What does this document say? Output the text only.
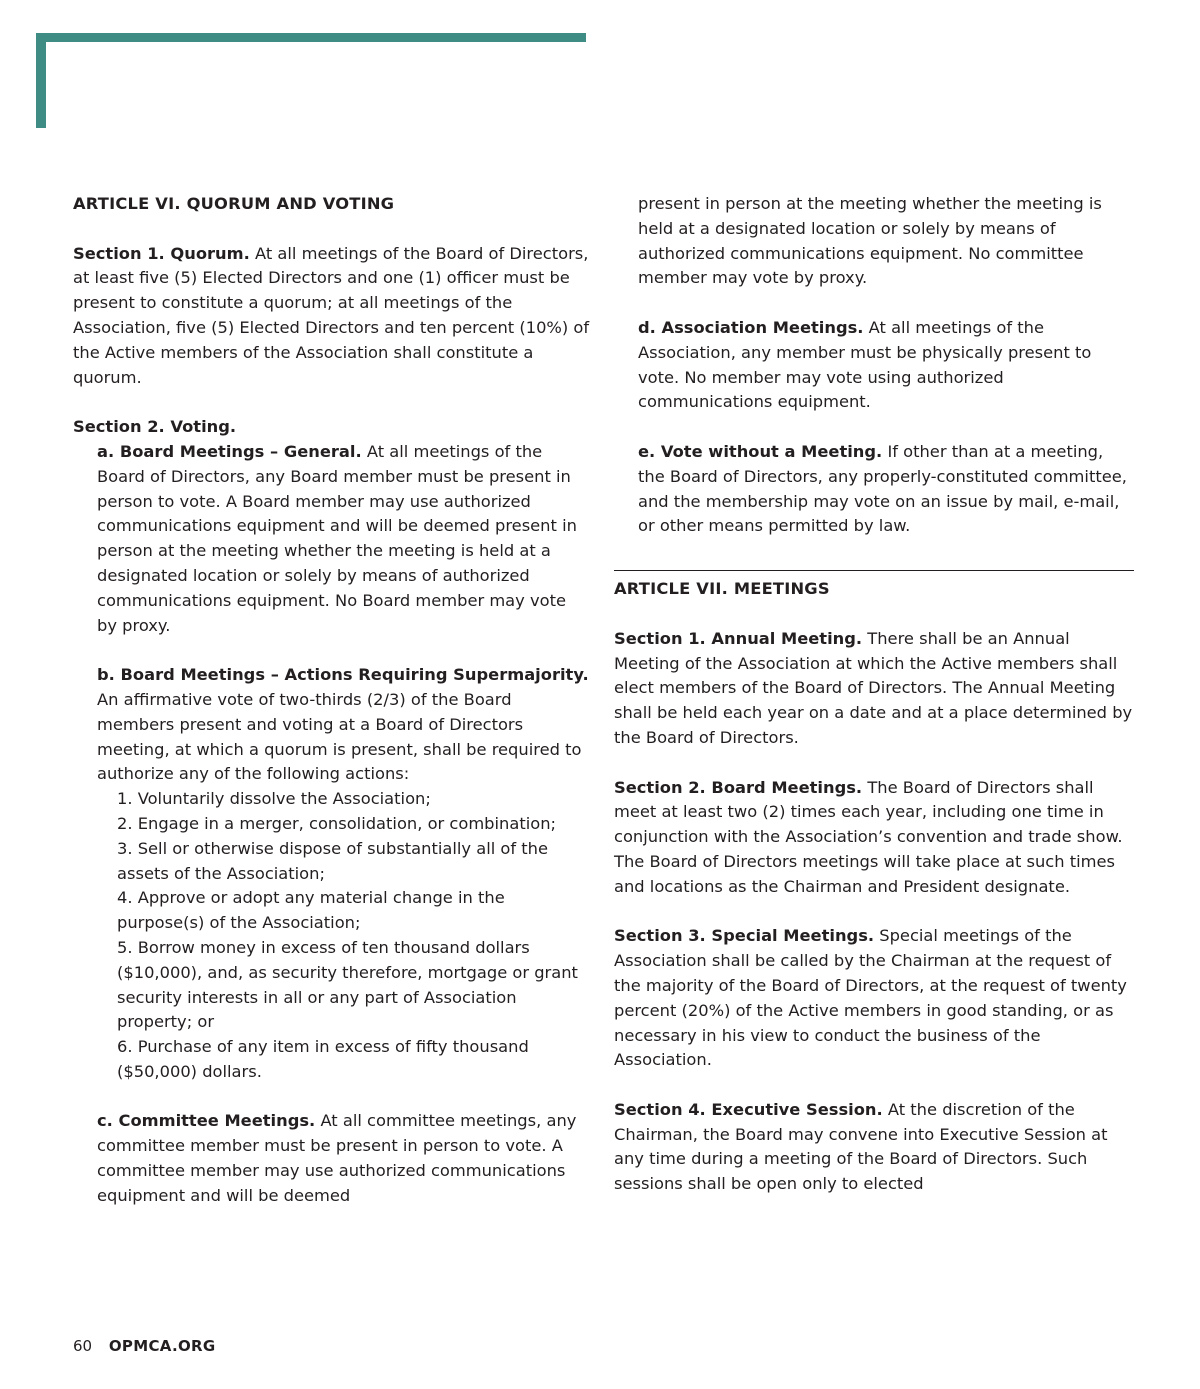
ARTICLE VI. QUORUM AND VOTING

Section 1. Quorum. At all meetings of the Board of Directors, at least five (5) Elected Directors and one (1) officer must be present to constitute a quorum; at all meetings of the Association, five (5) Elected Directors and ten percent (10%) of the Active members of the Association shall constitute a quorum.

Section 2. Voting.

a. Board Meetings – General. At all meetings of the Board of Directors, any Board member must be present in person to vote. A Board member may use authorized communications equipment and will be deemed present in person at the meeting whether the meeting is held at a designated location or solely by means of authorized communications equipment. No Board member may vote by proxy.

b. Board Meetings – Actions Requiring Supermajority. An affirmative vote of two-thirds (2/3) of the Board members present and voting at a Board of Directors meeting, at which a quorum is present, shall be required to authorize any of the following actions:

1. Voluntarily dissolve the Association;
2. Engage in a merger, consolidation, or combination;
3. Sell or otherwise dispose of substantially all of the assets of the Association;
4. Approve or adopt any material change in the purpose(s) of the Association;
5. Borrow money in excess of ten thousand dollars ($10,000), and, as security therefore, mortgage or grant security interests in all or any part of Association property; or
6. Purchase of any item in excess of fifty thousand ($50,000) dollars.

c. Committee Meetings. At all committee meetings, any committee member must be present in person to vote. A committee member may use authorized communications equipment and will be deemed

present in person at the meeting whether the meeting is held at a designated location or solely by means of authorized communications equipment. No committee member may vote by proxy.

d. Association Meetings. At all meetings of the Association, any member must be physically present to vote. No member may vote using authorized communications equipment.

e. Vote without a Meeting. If other than at a meeting, the Board of Directors, any properly-constituted committee, and the membership may vote on an issue by mail, e-mail, or other means permitted by law.

ARTICLE VII. MEETINGS

Section 1. Annual Meeting. There shall be an Annual Meeting of the Association at which the Active members shall elect members of the Board of Directors. The Annual Meeting shall be held each year on a date and at a place determined by the Board of Directors.

Section 2. Board Meetings. The Board of Directors shall meet at least two (2) times each year, including one time in conjunction with the Association’s convention and trade show. The Board of Directors meetings will take place at such times and locations as the Chairman and President designate.

Section 3. Special Meetings. Special meetings of the Association shall be called by the Chairman at the request of the majority of the Board of Directors, at the request of twenty percent (20%) of the Active members in good standing, or as necessary in his view to conduct the business of the Association.

Section 4. Executive Session. At the discretion of the Chairman, the Board may convene into Executive Session at any time during a meeting of the Board of Directors. Such sessions shall be open only to elected

60 OPMCA.ORG
